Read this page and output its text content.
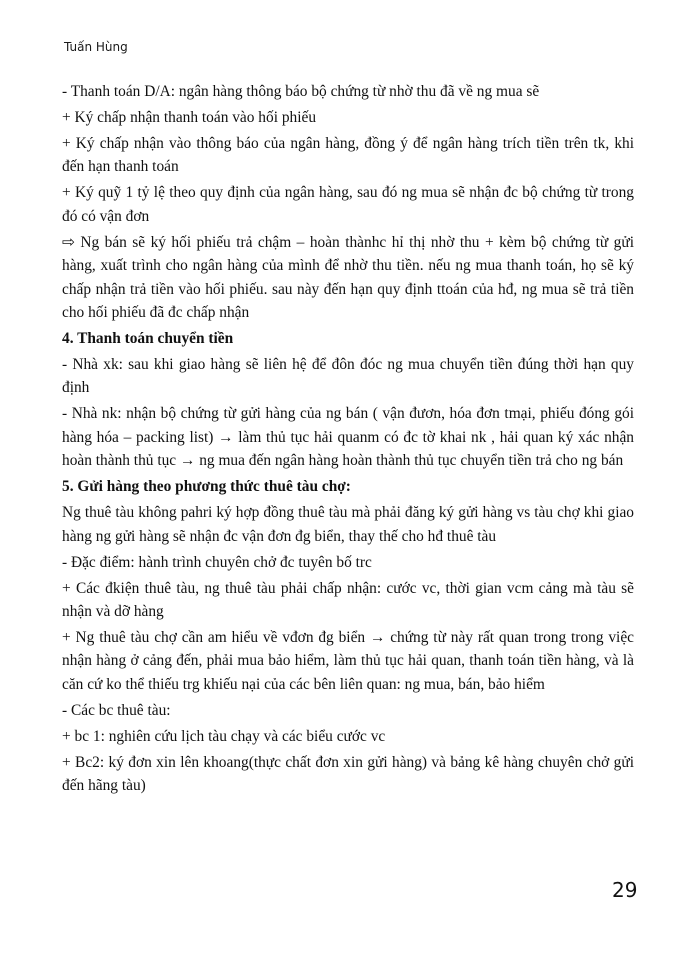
Tuấn Hùng

- Thanh toán D/A: ngân hàng thông báo bộ chứng từ nhờ thu đã về ng mua sẽ

+ Ký chấp nhận thanh toán vào hối phiếu

+ Ký chấp nhận vào thông báo của ngân hàng, đồng ý để ngân hàng trích tiền trên tk, khi đến hạn thanh toán

+ Ký quỹ 1 tỷ lệ theo quy định của ngân hàng, sau đó ng mua sẽ nhận đc bộ chứng từ trong đó có vận đơn

⇨ Ng bán sẽ ký hối phiếu trả chậm – hoàn thànhc hỉ thị nhờ thu + kèm bộ chứng từ gửi hàng, xuất trình cho ngân hàng của mình để nhờ thu tiền. nếu ng mua thanh toán, họ sẽ ký chấp nhận trả tiền vào hối phiếu. sau này đến hạn quy định ttoán của hđ, ng mua sẽ trả tiền cho hối phiếu đã đc chấp nhận

4. Thanh toán chuyển tiền

- Nhà xk: sau khi giao hàng sẽ liên hệ để đôn đóc ng mua chuyển tiền đúng thời hạn quy định

- Nhà nk: nhận bộ chứng từ gửi hàng của ng bán ( vận đươn, hóa đơn tmại, phiếu đóng gói hàng hóa – packing list) → làm thủ tục hải quanm có đc tờ khai nk , hải quan ký xác nhận hoàn thành thủ tục → ng mua đến ngân hàng hoàn thành thủ tục chuyển tiền trả cho ng bán

5. Gửi hàng theo phương thức thuê tàu chợ:

Ng thuê tàu không pahri ký hợp đồng thuê tàu mà phải đăng ký gửi hàng vs tàu chợ khi giao hàng ng gửi hàng sẽ nhận đc vận đơn đg biển, thay thế cho hđ thuê tàu

- Đặc điểm: hành trình chuyên chở đc tuyên bố trc

+ Các đkiện thuê tàu, ng thuê tàu phải chấp nhận: cước vc, thời gian vcm cảng mà tàu sẽ nhận và dỡ hàng

+ Ng thuê tàu chợ cần am hiểu về vđơn đg biển → chứng từ này rất quan trong trong việc nhận hàng ở cảng đến, phải mua bảo hiểm, làm thủ tục hải quan, thanh toán tiền hàng, và là căn cứ ko thể thiếu trg khiếu nại của các bên liên quan: ng mua, bán, bảo hiểm

- Các bc thuê tàu:

+ bc 1: nghiên cứu lịch tàu chạy và các biểu cước vc

+ Bc2: ký đơn xin lên khoang(thực chất đơn xin gửi hàng) và bảng kê hàng chuyên chở gửi đến hãng tàu)

29
